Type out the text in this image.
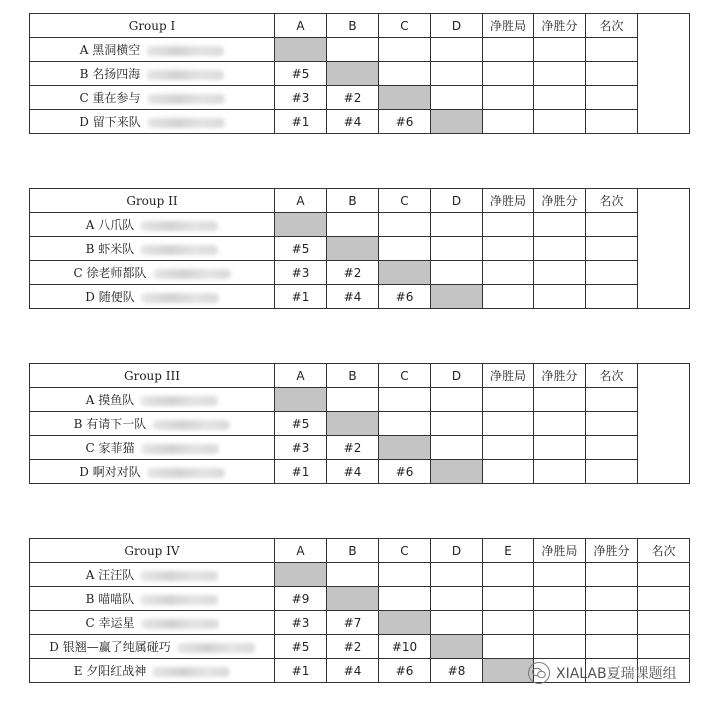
Group I	A	B	C	D	净胜局	净胜分	名次	
A 黑洞横空								
B 名扬四海	#5							
C 重在参与	#3	#2						
D 留下来队	#1	#4	#6					
Group II	A	B	C	D	净胜局	净胜分	名次	
A 八爪队								
B 虾米队	#5							
C 徐老师都队	#3	#2						
D 随便队	#1	#4	#6					
Group III	A	B	C	D	净胜局	净胜分	名次	
A 摸鱼队								
B 有请下一队	#5							
C 家菲猫	#3	#2						
D 啊对对队	#1	#4	#6					
Group IV	A	B	C	D	E	净胜局	净胜分	名次
A 汪汪队								
B 喵喵队	#9							
C 幸运星	#3	#7						
D 银翘—赢了纯属碰巧	#5	#2	#10					
E 夕阳红战神	#1	#4	#6	#8					XIALAB夏瑞课题组
